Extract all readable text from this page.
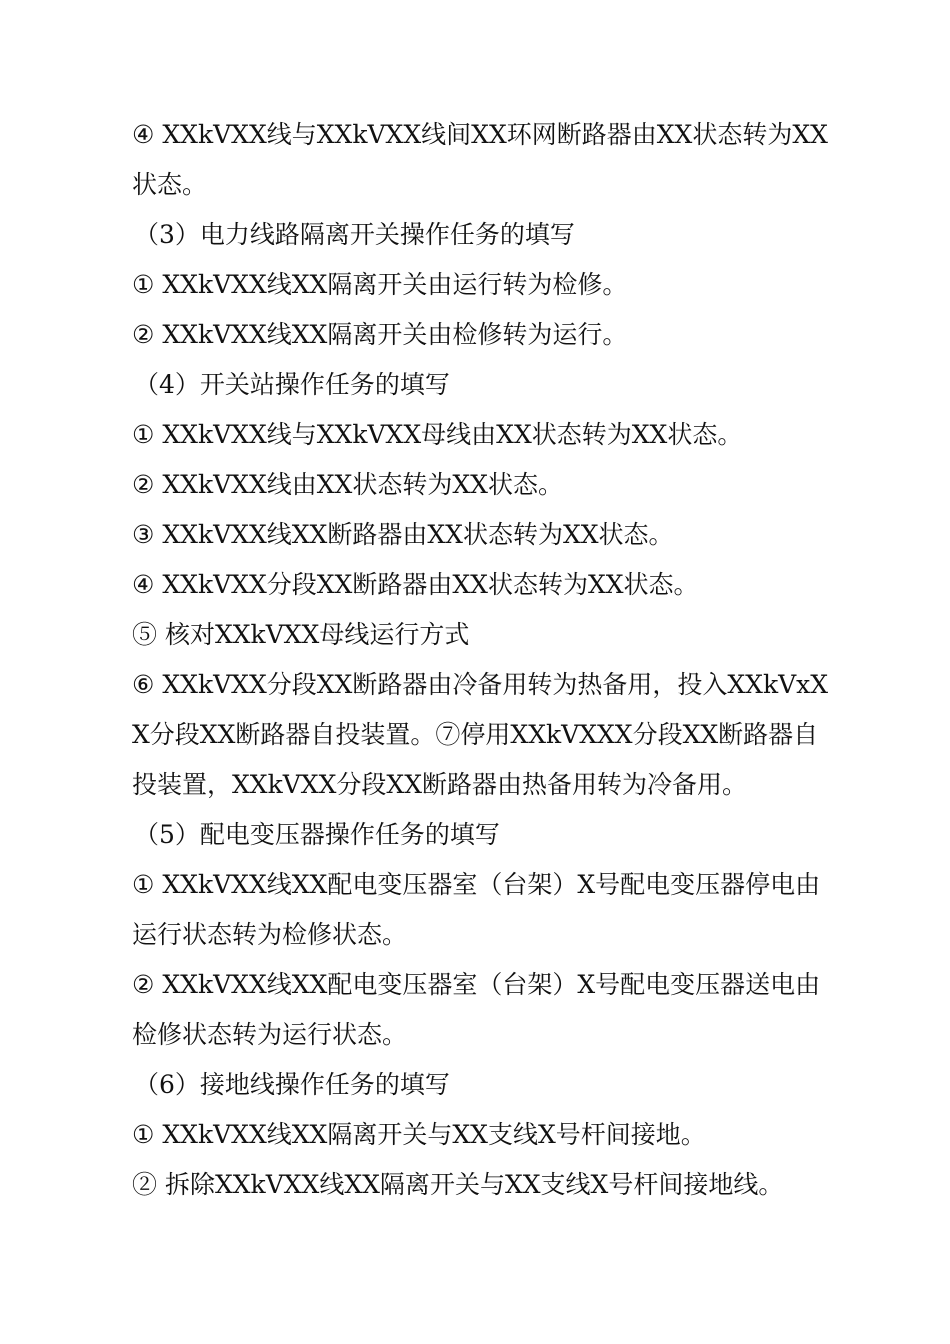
④ XXkVXX线与XXkVXX线间XX环网断路器由XX状态转为XX状态。

（3）电力线路隔离开关操作任务的填写

① XXkVXX线XX隔离开关由运行转为检修。

② XXkVXX线XX隔离开关由检修转为运行。

（4）开关站操作任务的填写

① XXkVXX线与XXkVXX母线由XX状态转为XX状态。

② XXkVXX线由XX状态转为XX状态。

③ XXkVXX线XX断路器由XX状态转为XX状态。

④ XXkVXX分段XX断路器由XX状态转为XX状态。

⑤ 核对XXkVXX母线运行方式

⑥ XXkVXX分段XX断路器由冷备用转为热备用，投入XXkVxXX分段XX断路器自投装置。⑦停用XXkVXXX分段XX断路器自投装置，XXkVXX分段XX断路器由热备用转为冷备用。

（5）配电变压器操作任务的填写

① XXkVXX线XX配电变压器室（台架）X号配电变压器停电由运行状态转为检修状态。

② XXkVXX线XX配电变压器室（台架）X号配电变压器送电由检修状态转为运行状态。

（6）接地线操作任务的填写

① XXkVXX线XX隔离开关与XX支线X号杆间接地。

② 拆除XXkVXX线XX隔离开关与XX支线X号杆间接地线。
